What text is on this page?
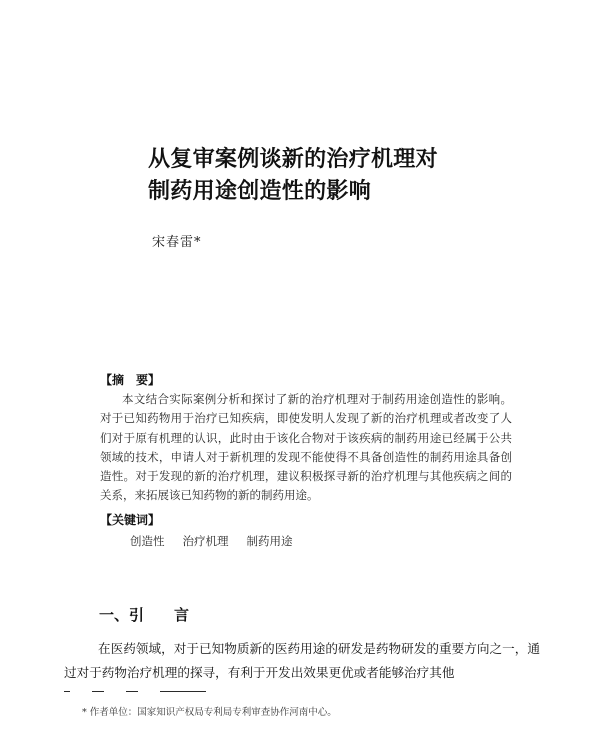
从复审案例谈新的治疗机理对
制药用途创造性的影响
宋春雷*
【摘　要】

本文结合实际案例分析和探讨了新的治疗机理对于制药用途创造性的影响。对于已知药物用于治疗已知疾病，即使发明人发现了新的治疗机理或者改变了人们对于原有机理的认识，此时由于该化合物对于该疾病的制药用途已经属于公共领域的技术，申请人对于新机理的发现不能使得不具备创造性的制药用途具备创造性。对于发现的新的治疗机理，建议积极探寻新的治疗机理与其他疾病之间的关系，来拓展该已知药物的新的制药用途。

【关键词】
创造性 治疗机理 制药用途
一、引　　言

在医药领域，对于已知物质新的医药用途的研发是药物研发的重要方向之一，通过对于药物治疗机理的探寻，有利于开发出效果更优或者能够治疗其他

* 作者单位：国家知识产权局专利局专利审查协作河南中心。
